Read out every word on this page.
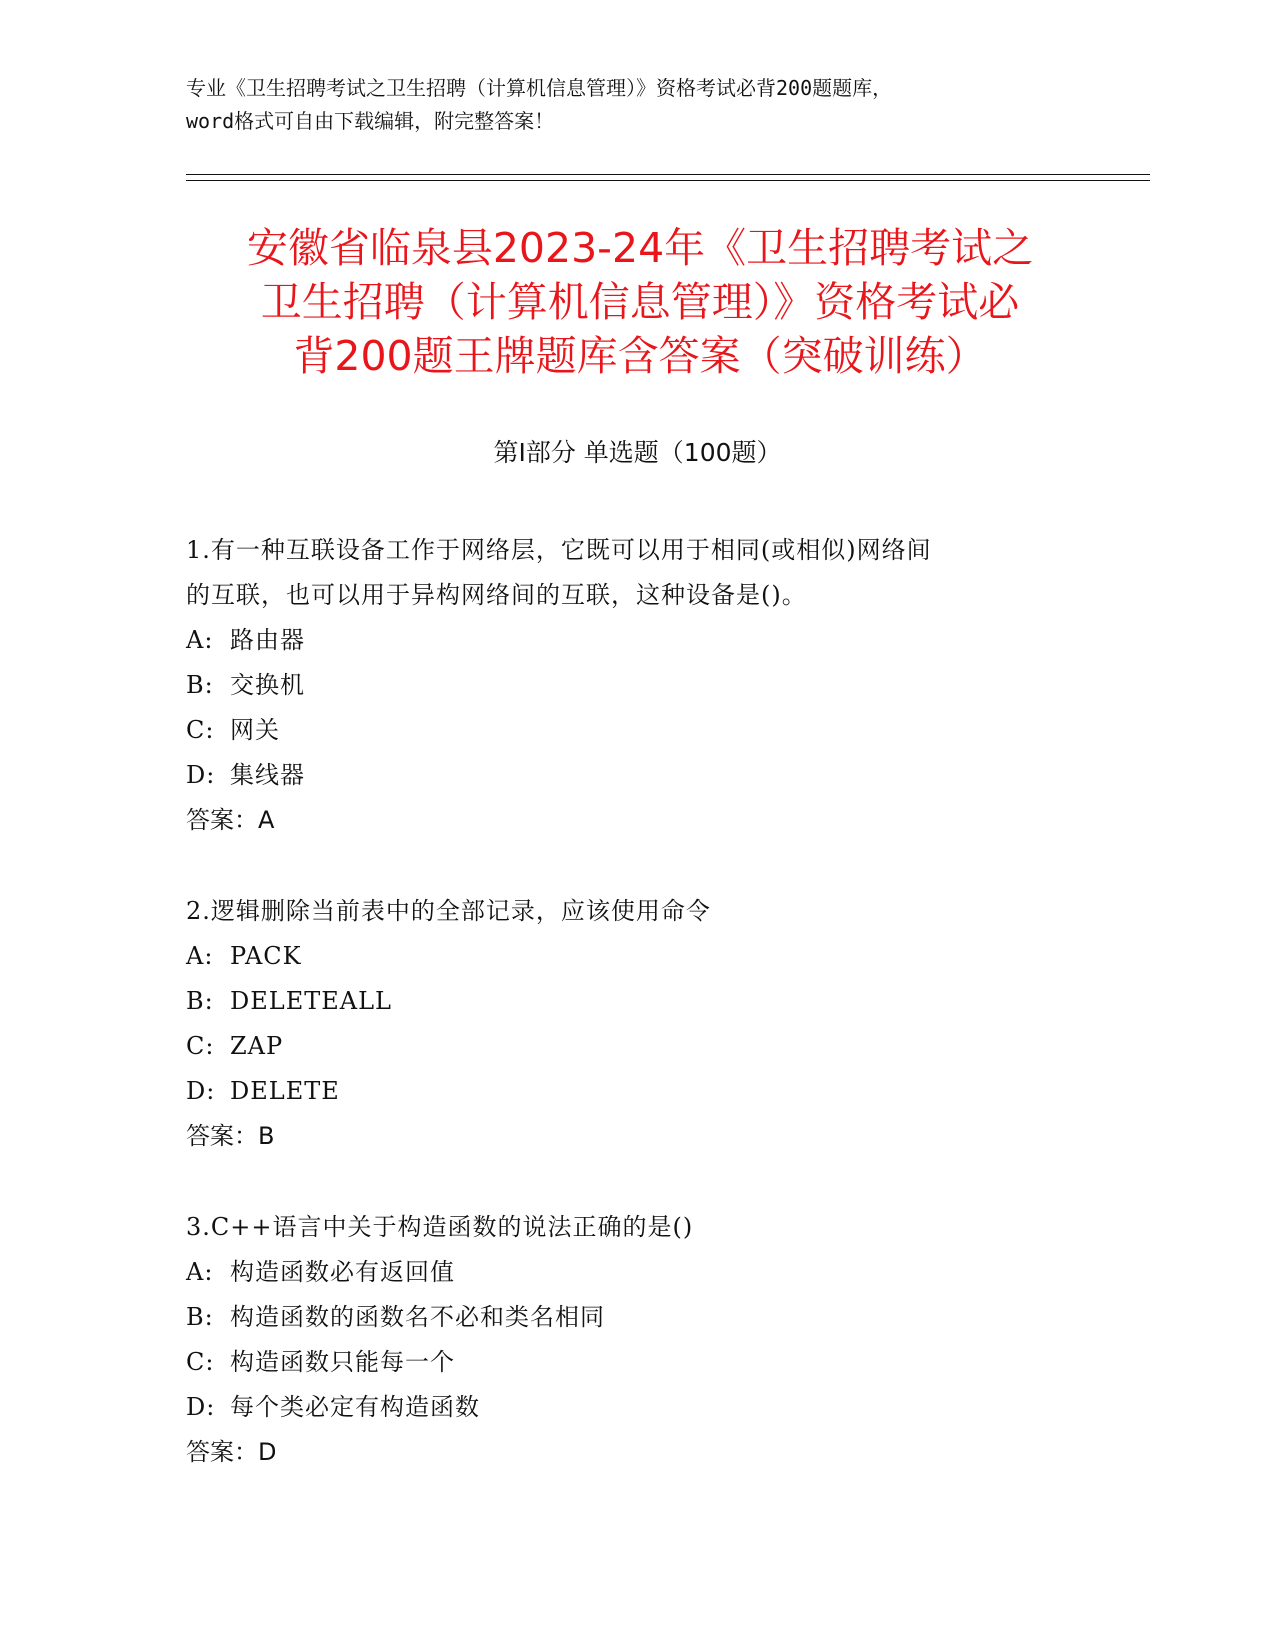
专业《卫生招聘考试之卫生招聘（计算机信息管理）》资格考试必背200题题库，
word格式可自由下载编辑，附完整答案！
安徽省临泉县2023-24年《卫生招聘考试之
卫生招聘（计算机信息管理）》资格考试必
背200题王牌题库含答案（突破训练）
第Ⅰ部分 单选题（100题）
1.有一种互联设备工作于网络层，它既可以用于相同(或相似)网络间
的互联，也可以用于异构网络间的互联，这种设备是()。
A: 路由器
B: 交换机
C: 网关
D: 集线器
答案：A
2.逻辑删除当前表中的全部记录，应该使用命令
A: PACK
B: DELETEALL
C: ZAP
D: DELETE
答案：B
3.C++语言中关于构造函数的说法正确的是()
A: 构造函数必有返回值
B: 构造函数的函数名不必和类名相同
C: 构造函数只能每一个
D: 每个类必定有构造函数
答案：D
